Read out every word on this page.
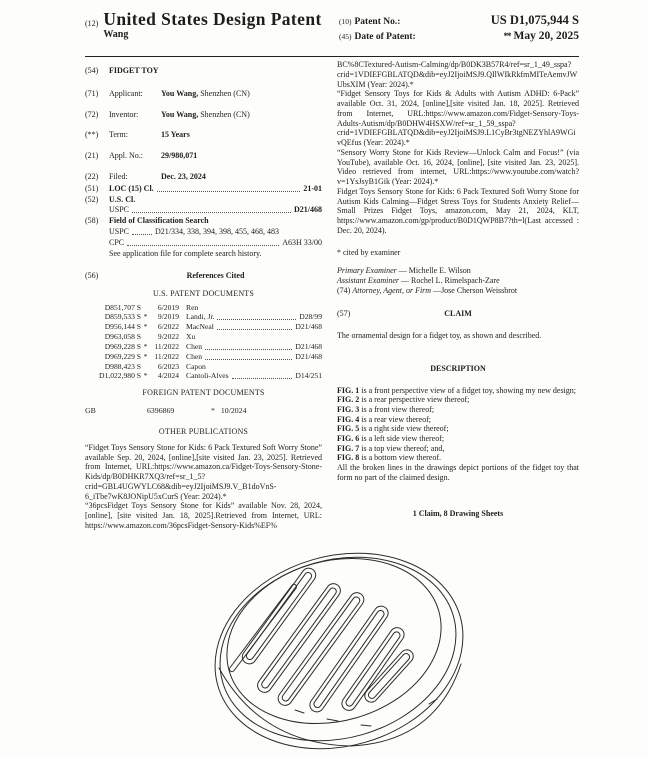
(12) United States Design Patent
Wang
(10) Patent No.:	US D1,075,944 S
(45) Date of Patent:	** May 20, 2025
(54)	FIDGET TOY
(71)	Applicant:	You Wang, Shenzhen (CN)
(72)	Inventor:	You Wang, Shenzhen (CN)
(**)	Term:	15 Years
(21)	Appl. No.:	29/980,071
(22)	Filed:	Dec. 23, 2024
(51)	LOC (15) Cl.	21-01
(52)	U.S. Cl.
USPC	D21/468
(58)	Field of Classification Search
USPC	D21/334, 338, 394, 398, 455, 468, 483
CPC	A63H 33/00
See application file for complete search history.
(56)	References Cited
U.S. PATENT DOCUMENTS
D851,707 S	6/2019 Ren
D859,533 S *	9/2019 Landi, Jr.	D28/99
D956,144 S *	6/2022 MacNeal	D21/468
D963,058 S	9/2022 Xu
D969,228 S * 11/2022 Chen	D21/468
D969,229 S * 11/2022 Chen	D21/468
D988,423 S	6/2023 Capon
D1,022,980 S *	4/2024 Cantoli-Alves	D14/251
FOREIGN PATENT DOCUMENTS
GB	6396869	* 10/2024
OTHER PUBLICATIONS

“Fidget Toys Sensory Stone for Kids: 6 Pack Textured Soft Worry Stone” available Sep. 20, 2024, [online],[site visited Jan. 23, 2025]. Retrieved from Internet, URL:https://www.amazon.ca/Fidget-Toys-Sensory-Stone-Kids/dp/B0DHKR7XQ3/ref=sr_1_5?crid=GBL4UGWYLC68&dib=eyJ2IjoiMSJ9.V_B1doVnS-6_iTbe7wK8JONipU5xCurS (Year: 2024).*

“36pcsFidget Toys Sensory Stone for Kids” available Nov. 28, 2024, [online], [site visited Jan. 18, 2025].Retrieved from Internet, URL: https://www.amazon.com/36pcsFidget-Sensory-Kids%EF%

BC%8CTextured-Autism-Calming/dp/B0DK3B57R4/ref=sr_1_49_sspa?crid=1VDIEFGBLATQD&dib=eyJ2IjoiMSJ9.QIlWIkRkfmMITeAemvJWUbsXIM (Year: 2024).*

“Fidget Sensory Toys for Kids & Adults with Autism ADHD: 6-Pack” available Oct. 31, 2024, [online],[site visited Jan. 18, 2025]. Retrieved from Internet, URL:https://www.amazon.com/Fidget-Sensory-Toys-Adults-Autism/dp/B0DHW4HSXW/ref=sr_1_59_sspa?crid=1VDIEFGBLATQD&dib=eyJ2IjoiMSJ9.L1CyBr3tgNEZYhlA9WGivQEfus (Year: 2024).*

“Sensory Worry Stone for Kids Review—Unlock Calm and Focus!” (via YouTube), available Oct. 16, 2024, [online], [site visited Jan. 23, 2025]. Video retrieved from internet, URL:https://www.youtube.com/watch?v=1YsJsyB1Gik (Year: 2024).*

Fidget Toys Sensory Stone for Kids: 6 Pack Textured Soft Worry Stone for Autism Kids Calming—Fidget Stress Toys for Students Anxiety Relief—Small Prizes Fidget Toys, amazon.com, May 21, 2024, KLT, https://www.amazon.com/gp/product/B0D1QWP8B7?th=l(Last accessed : Dec. 20, 2024).

* cited by examiner
Primary Examiner — Michelle E. Wilson
Assistant Examiner — Rochel L. Rimelspach-Zare
(74) Attorney, Agent, or Firm —Jose Cherson Weissbrot
(57)	CLAIM
The ornamental design for a fidget toy, as shown and described.
DESCRIPTION

FIG. 1 is a front perspective view of a fidget toy, showing my new design;

FIG. 2 is a rear perspective view thereof;

FIG. 3 is a front view thereof;

FIG. 4 is a rear view thereof;

FIG. 5 is a right side view thereof;

FIG. 6 is a left side view thereof;

FIG. 7 is a top view thereof; and,

FIG. 8 is a bottom view thereof.

All the broken lines in the drawings depict portions of the fidget toy that form no part of the claimed design.

1 Claim, 8 Drawing Sheets
